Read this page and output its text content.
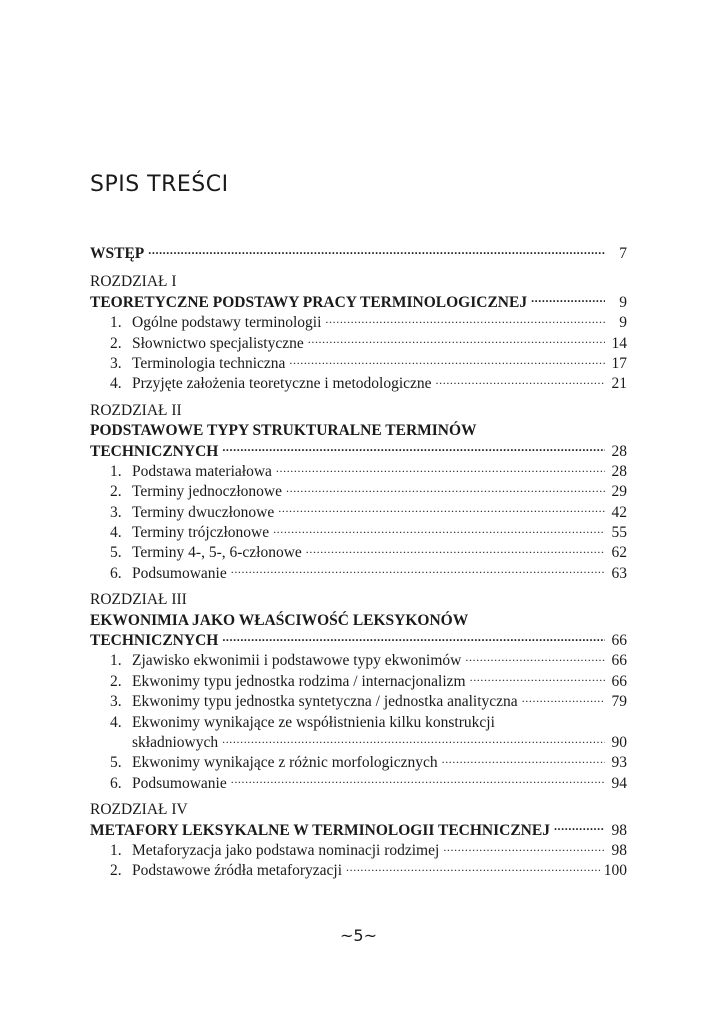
SPIS TREŚCI
WSTĘP .....	7
ROZDZIAŁ I
TEORETYCZNE PODSTAWY PRACY TERMINOLOGICZNEJ .....	9
1. Ogólne podstawy terminologii .....	9
2. Słownictwo specjalistyczne .....	14
3. Terminologia techniczna .....	17
4. Przyjęte założenia teoretyczne i metodologiczne .....	21
ROZDZIAŁ II
PODSTAWOWE TYPY STRUKTURALNE TERMINÓW
TECHNICZNYCH .....	28
1. Podstawa materiałowa .....	28
2. Terminy jednoczłonowe .....	29
3. Terminy dwuczłonowe .....	42
4. Terminy trójczłonowe .....	55
5. Terminy 4-, 5-, 6-członowe .....	62
6. Podsumowanie .....	63
ROZDZIAŁ III
EKWONIMIA JAKO WŁAŚCIWOŚĆ LEKSYKONÓW
TECHNICZNYCH .....	66
1. Zjawisko ekwonimii i podstawowe typy ekwonimów .....	66
2. Ekwonimy typu jednostka rodzima / internacjonalizm .....	66
3. Ekwonimy typu jednostka syntetyczna / jednostka analityczna .....	79
4. Ekwonimy wynikające ze współistnienia kilku konstrukcji
składniowych .....	90
5. Ekwonimy wynikające z różnic morfologicznych .....	93
6. Podsumowanie .....	94
ROZDZIAŁ IV
METAFORY LEKSYKALNE W TERMINOLOGII TECHNICZNEJ .....	98
1. Metaforyzacja jako podstawa nominacji rodzimej .....	98
2. Podstawowe źródła metaforyzacji .....	100
~5~
